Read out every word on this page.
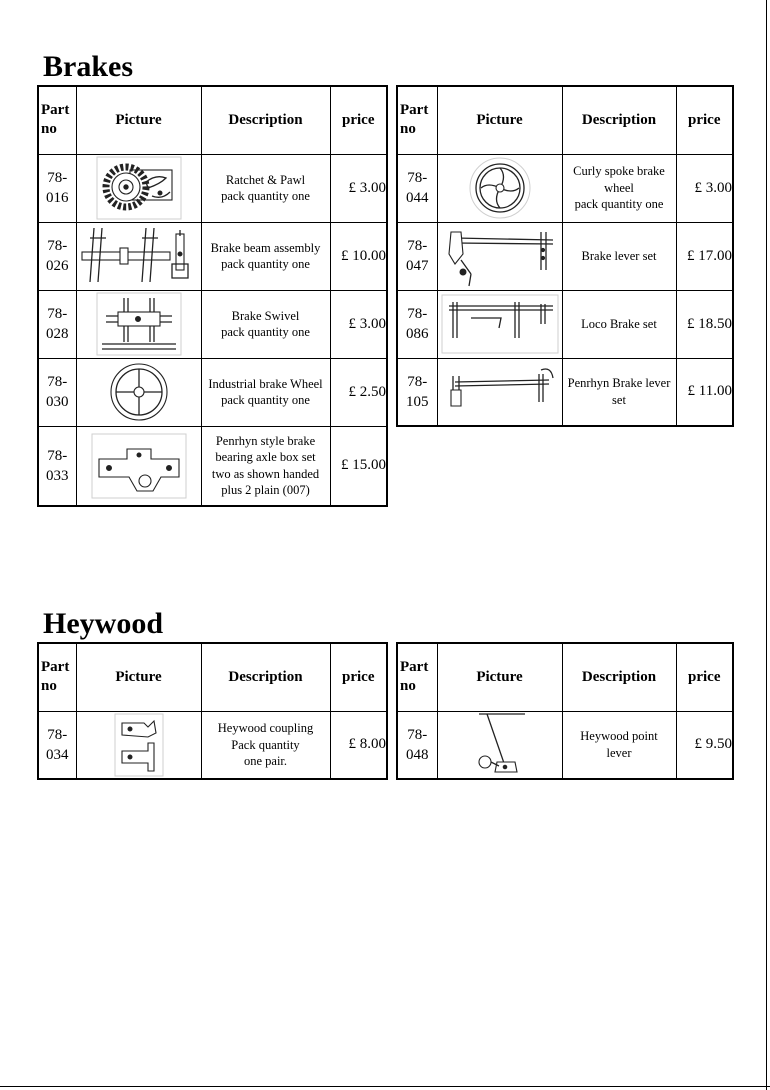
Brakes
Part
no	Picture	Description	price
78-
016		Ratchet & Pawl
pack quantity one	£ 3.00
78-
026		Brake beam assembly
pack quantity one	£ 10.00
78-
028		Brake Swivel
pack quantity one	£ 3.00
78-
030		Industrial brake Wheel
pack quantity one	£ 2.50
78-
033		Penrhyn style brake
bearing axle box set
two as shown handed
plus 2 plain (007)	£ 15.00
Part
no	Picture	Description	price
78-
044		Curly spoke brake
wheel
pack quantity one	£ 3.00
78-
047		Brake lever set	£ 17.00
78-
086		Loco Brake set	£ 18.50
78-
105		Penrhyn Brake lever
set	£ 11.00
Heywood
Part
no	Picture	Description	price
78-
034		Heywood coupling
Pack quantity
one pair.	£ 8.00
Part
no	Picture	Description	price
78-
048		Heywood point
lever	£ 9.50
